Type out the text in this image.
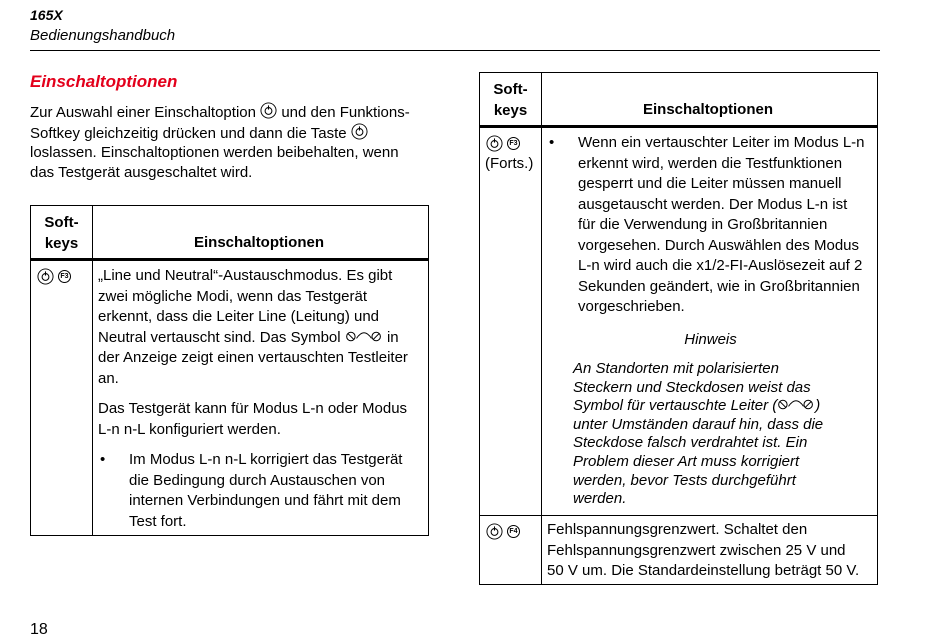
165X
Bedienungshandbuch
Einschaltoptionen
Zur Auswahl einer Einschaltoption und den Funktions-
Softkey gleichzeitig drücken und dann die Taste
loslassen. Einschaltoptionen werden beibehalten, wenn
das Testgerät ausgeschaltet wird.
Soft-
keys	Einschaltoptionen
F3 „Line und Neutral“-Austauschmodus. Es gibt
zwei mögliche Modi, wenn das Testgerät
erkennt, dass die Leiter Line (Leitung) und
Neutral vertauscht sind. Das Symbol	in
der Anzeige zeigt einen vertauschten Testleiter
an.

Das Testgerät kann für Modus L-n oder Modus
L-n n-L konfiguriert werden.

• Im Modus L-n n-L korrigiert das Testgerät
die Bedingung durch Austauschen von
internen Verbindungen und fährt mit dem
Test fort.
Soft-
keys	Einschaltoptionen
F3
(Forts.)
• Wenn ein vertauschter Leiter im Modus L-n
erkennt wird, werden die Testfunktionen
gesperrt und die Leiter müssen manuell
ausgetauscht werden. Der Modus L-n ist
für die Verwendung in Großbritannien
vorgesehen. Durch Auswählen des Modus
L-n wird auch die x1/2-FI-Auslösezeit auf 2
Sekunden geändert, wie in Großbritannien
vorgeschrieben.
Hinweis
An Standorten mit polarisierten
Steckern und Steckdosen weist das
Symbol für vertauschte Leiter (	)
unter Umständen darauf hin, dass die
Steckdose falsch verdrahtet ist. Ein
Problem dieser Art muss korrigiert
werden, bevor Tests durchgeführt
werden.
F4 Fehlspannungsgrenzwert. Schaltet den
Fehlspannungsgrenzwert zwischen 25 V und
50 V um. Die Standardeinstellung beträgt 50 V.
18
